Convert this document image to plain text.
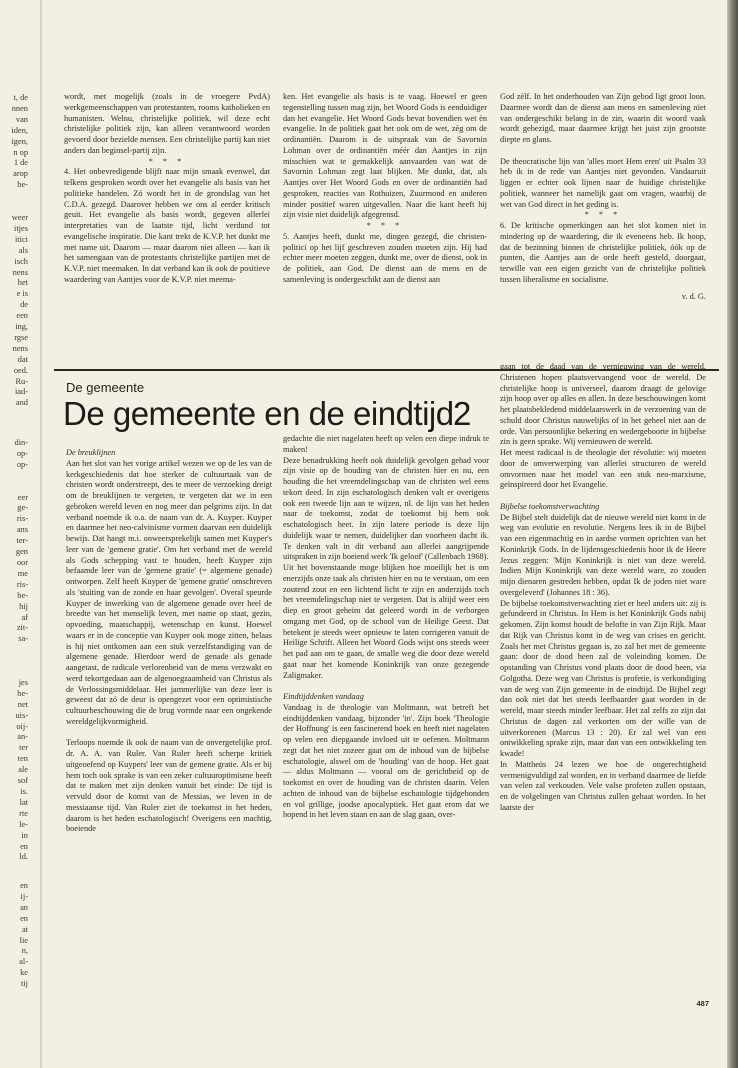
t, de
nnen
van
iden,
igen,
n op
1 de
arop
be-

weer
itjes
itici
als
isch
nens
het
e is
de
een
ing,
rgse
nens
dat
oed.
Ru-
iad-
and
din-
op-
op-

eer
ge-
ris-
ans
ter-
gen
oor
me
ris-
be-
hij
af
zit-
sa-

jes
be-
net
uis-
oij-
an-
ter
ten
ale
sof
is.
lat
rte
le-
in
en
ld.
en
ij-
an
en
at
lie
n,
al-
ke
tij

wordt, met mogelijk (zoals in de vroegere PvdA) werkgemeenschappen van protestanten, rooms katholieken en humanisten. Welnu, christelijke politiek, wil deze echt christelijke politiek zijn, kan alleen verantwoord worden gevoerd door bezielde mensen. Een christelijke partij kan niet anders dan beginsel-partij zijn.

* * *

4. Het onbevredigende blijft naar mijn smaak evenwel, dat telkens gesproken wordt over het evangelie als basis van het politieke handelen. Zó wordt het in de grondslag van het C.D.A. gezegd. Daarover hebben we ons al eerder kritisch geuit. Het evangelie als basis wordt, gegeven allerlei interpretaties van de laatste tijd, licht verdund tot evangelische inspiratie. Die kant trekt de K.V.P. het dunkt me met name uit. Daarom — maar daarom niet alleen — kan ik het samengaan van de protestants christelijke partijen met de K.V.P. niet meemaken. In dat verband kan ik ook de positieve waardering van Aantjes voor de K.V.P. niet meema-

ken. Het evangelie als basis is te vaag. Hoewel er geen tegenstelling tussen mag zijn, het Woord Gods is eenduidiger dan het evangelie. Het Woord Gods bevat bovendien wet èn evangelie. In de politiek gaat het ook om de wet, zèg om de ordinantiën. Daarom is de uitspraak van de Savornin Lohman over de ordinantiën méér dan Aantjes in zijn misschien wat te gemakkelijk aanvaarden van wat de Savornin Lohman zegt laat blijken. Me dunkt, dat, als Aantjes over Het Woord Gods en over de ordinantiën had gesproken, reacties van Rothuizen, Zuurmond en anderen minder positief waren uitgevallen. Naar die kant heeft hij zijn visie niet duidelijk afgegrensd.

* * *

5. Aantjes heeft, dunkt me, dingen gezegd, die christen-politici op het lijf geschreven zouden moeten zijn. Hij had echter meer moeten zeggen, dunkt me, over de dienst, ook in de politiek, aan God. De dienst aan de mens en de samenleving is ondergeschikt aan de dienst aan

God zèlf. In het onderhouden van Zijn gebod ligt groot loon. Daarmee wordt dan de dienst aan mens en samenleving niet van ondergeschikt belang in de zin, waarin dit woord vaak wordt gebezigd, maar daarmee krijgt het juist zijn grootste diepte en glans.

De theocratische lijn van 'alles moet Hem eren' uit Psalm 33 heb ik in de rede van Aantjes niet gevonden. Vandaaruit liggen er echter ook lijnen naar de huidige christelijke politiek, wanneer het namelijk gaat om vragen, waarbij de wet van God direct in het geding is.

* * *

6. De kritische opmerkingen aan het slot komen niet in mindering op de waardering, die ik eveneens heb. Ik hoop, dat de bezinning binnen de christelijke politiek, óók op de punten, die Aantjes aan de orde heeft gesteld, doorgaat, terwille van een eigen gezicht van de christelijke politiek tussen liberalisme en socialisme.

v. d. G.
De gemeente
De gemeente en de eindtijd 2

De breuklijnen

Aan het slot van het vorige artikel wezen we op de les van de kerkgeschiedenis dat hoe sterker de cultuurtaak van de christen wordt onderstreept, des te meer de verzoeking dreigt om de breuklijnen te vergeten, te vergeten dat we in een gebroken wereld leven en nog meer dan pelgrims zijn. In dat verband noemde ik o.a. de naam van dr. A. Kuyper. Kuyper en daarmee het neo-calvinisme vormen daarvan een duidelijk bewijs. Dat hangt m.i. onweersprekelijk samen met Kuyper's leer van de 'gemene gratie'. Om het verband met de wereld als Gods schepping vast te houden, heeft Kuyper zijn befaamde leer van de 'gemene gratie' (= algemene genade) ontworpen. Zelf heeft Kuyper de 'gemene gratie' omschreven als 'stuiting van de zonde en haar gevolgen'. Overal speurde Kuyper de inwerking van de algemene genade over heel de breedte van het menselijk leven, met name op staat, gezin, opvoeding, maatschappij, wetenschap en kunst. Hoewel waars er in de conceptie van Kuyper ook moge zitten, helaas is hij niet ontkomen aan een stuk verzelfstandiging van de algemene genade. Hierdoor werd de genade als genade aangetast, de radicale verlorenheid van de mens verzwakt en werd tekortgedaan aan de algenoegzaamheid van Christus als de Verlossingsmiddelaar. Het jammerlijke van deze leer is geweest dat zó de deur is opengezet voor een optimistische cultuurbeschouwing die de brug vormde naar een ongekende wereldgelijkvormigheid.

Terloops noemde ik ook de naam van de onvergetelijke prof. dr. A. A. van Ruler. Van Ruler heeft scherpe kritiek uitgeoefend op Kuypers' leer van de gemene gratie. Als er bij hem toch ook sprake is van een zeker cultuuroptimisme heeft dat te maken met zijn denken vanuit het einde: De tijd is vervuld door de komst van de Messias, we leven in de messiaanse tijd. Van Ruler ziet de toekomst in het heden, daarom is het heden eschatologisch! Overigens een machtig, boeiende

gedachte die niet nagelaten heeft op velen een diepe indruk te maken!

Deze benadrukking heeft ook duidelijk gevolgen gehad voor zijn visie op de houding van de christen hier en nu, een houding die het vreemdelingschap van de christen wel eens tekort deed. In zijn eschatologisch denken valt er overigens ook een tweede lijn aan te wijzen, nl. de lijn van het heden naar de toekomst, zodat de toekomst bij hem ook eschatologisch heet. In zijn latere periode is deze lijn duidelijk waar te nemen, duidelijker dan voorheen dacht ik. Te denken valt in dit verband aan allerlei aangrijpende uitspraken in zijn boeiend werk 'Ik geloof' (Callenbach 1968).

Uit het bovenstaande moge blijken hoe moeilijk het is om enerzijds onze taak als christen hier en nu te verstaan, om een zoutend zout en een lichtend licht te zijn en anderzijds toch het vreemdelingschap niet te vergeten. Dat is altijd weer een diep en groot geheim dat geleerd wordt in de verborgen omgang met God, op de school van de Heilige Geest. Dat betekent je steeds weer opnieuw te laten corrigeren vanuit de Heilige Schrift. Alleen het Woord Gods wijst ons steeds weer het pad aan om te gaan, de smalle weg die door deze wereld gaat naar het komende Koninkrijk van onze gezegende Zaligmaker.

Eindtijddenken vandaag

Vandaag is de theologie van Moltmann, wat betreft het eindtijddenken vandaag, bijzonder 'in'. Zijn boek 'Theologie der Hoffnung' is een fascinerend boek en heeft niet nagelaten op velen een diepgaande invloed uit te oefenen. Moltmann zegt dat het niet zozeer gaat om de inhoud van de bijbelse eschatologie, alswel om de 'houding' van de hoop. Het gaat — aldus Moltmann — vooral om de gerichtheid op de toekomst en over de houding van de christen daarin. Velen achten de inhoud van de bijbelse eschatologie tijdgebonden en vol grillige, joodse apocalyptiek. Het gaat erom dat we hopend in het leven staan en aan de slag gaan, over-

gaan tot de daad van de vernieuwing van de wereld. Christenen hopen plaatsvervangend voor de wereld. De christelijke hoop is universeel, daarom draagt de gelovige zijn hoop over op alles en allen. In deze beschouwingen komt het plaatsbekledend middelaarswerk in de verzoening van de schuld door Christus nauwelijks of in het geheel niet aan de orde. Van persoonlijke bekering en wedergeboorte in bijbelse zin is geen sprake. Wij vernieuwen de wereld.

Het meest radicaal is de theologie der révolutie: wij moeten door de omverwerping van allerlei structuren de wereld omvormen naar het model van een stuk neo-marxisme, geïnspireerd door het Evangelie.

Bijbelse toekomstverwachting

De Bijbel stelt duidelijk dat de nieuwe wereld niet komt in de weg van evolutie en revolutie. Nergens lees ik in de Bijbel van een eigenmachtig en in aardse vormen oprichten van het Koninkrijk Gods. In de lijdensgeschiedenis hoor ik de Heere Jezus zeggen: 'Mijn Koninkrijk is niet van deze wereld. Indien Mijn Koninkrijk van deze wereld ware, zo zouden mijn dienaren gestreden hebben, opdat Ik de joden niet ware overgeleverd' (Johannes 18 : 36).

De bijbelse toekomstverwachting ziet er heel anders uit: zij is gefundeerd in Christus. In Hem is het Koninkrijk Gods nabij gekomen. Zijn komst houdt de belofte in van Zijn Rijk. Maar dat Rijk van Christus komt in de weg van crises en gericht. Zoals het met Christus gegaan is, zo zal het met de gemeente gaan: door de dood heen zal de voleinding komen. De opstanding van Christus vond plaats door de dood heen, via Golgotha. Deze weg van Christus is profetie, is verkondiging van de weg van Zijn gemeente in de eindtijd. De Bijbel zegt dan ook niet dat het steeds leefbaarder gaat worden in de wereld, maar steeds minder leefbaar. Het zal zelfs zo zijn dat Christus de dagen zal verkorten om der wille van de uitverkorenen (Marcus 13 : 20). Er zal wel van een ontwikkeling sprake zijn, maar dan van een ontwikkeling ten kwade!

In Mattheüs 24 lezen we hoe de ongerechtigheid vermenigvuldigd zal worden, en in verband daarmee de liefde van velen zal verkouden. Vele valse profeten zullen opstaan, en de volgelingen van Christus zullen gehaat worden. In het laatste der

487
